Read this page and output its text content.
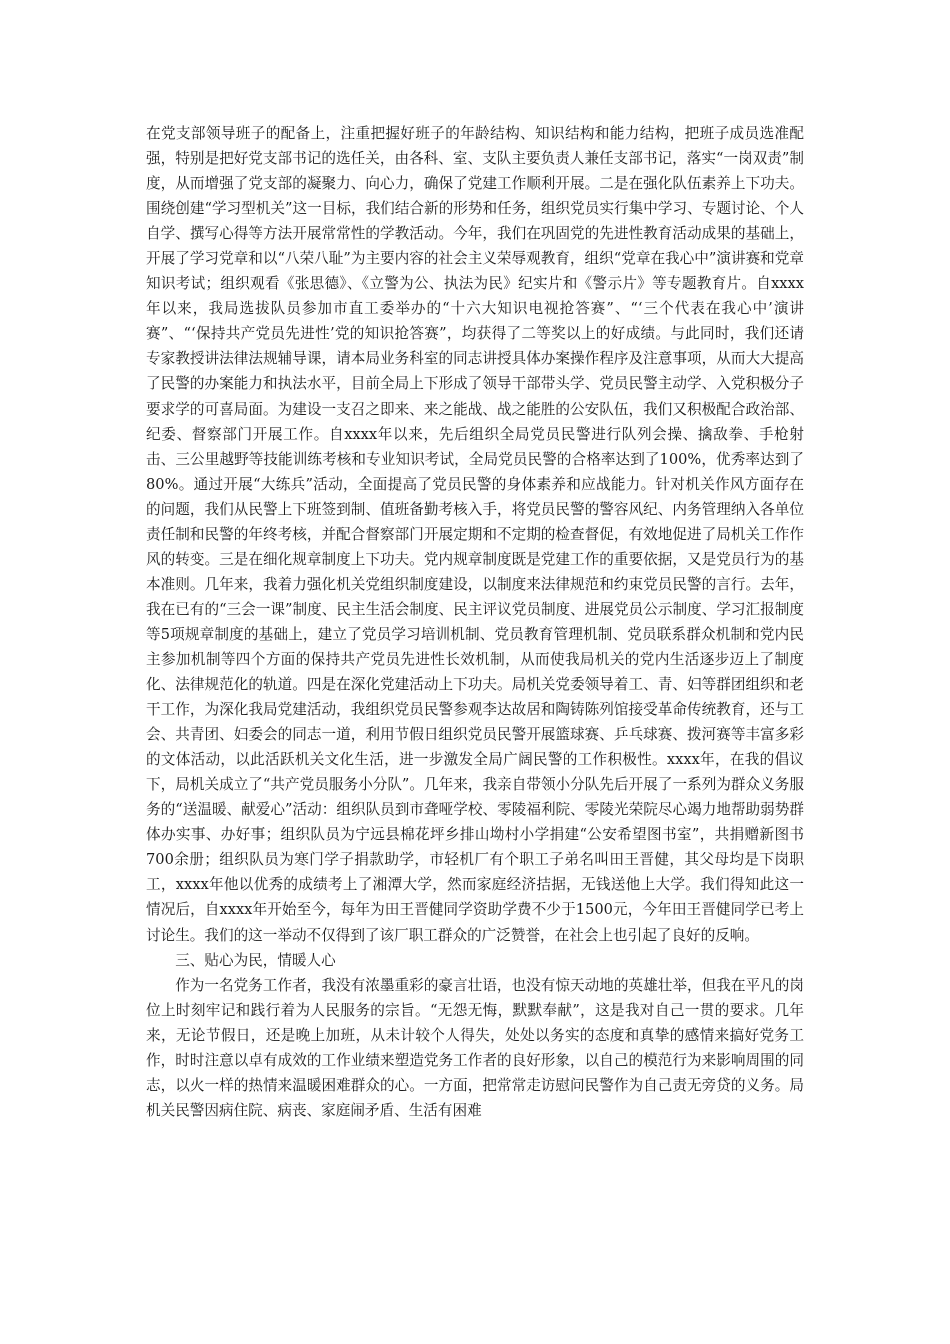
在党支部领导班子的配备上，注重把握好班子的年龄结构、知识结构和能力结构，把班子成员选准配强，特别是把好党支部书记的选任关，由各科、室、支队主要负责人兼任支部书记，落实“一岗双责”制度，从而增强了党支部的凝聚力、向心力，确保了党建工作顺利开展。二是在强化队伍素养上下功夫。围绕创建“学习型机关”这一目标，我们结合新的形势和任务，组织党员实行集中学习、专题讨论、个人自学、撰写心得等方法开展常常性的学教活动。今年，我们在巩固党的先进性教育活动成果的基础上，开展了学习党章和以“八荣八耻”为主要内容的社会主义荣辱观教育，组织“党章在我心中”演讲赛和党章知识考试；组织观看《张思德》、《立警为公、执法为民》纪实片和《警示片》等专题教育片。自xxxx年以来，我局选拔队员参加市直工委举办的“十六大知识电视抢答赛”、“‘三个代表在我心中’演讲赛”、“‘保持共产党员先进性’党的知识抢答赛”，均获得了二等奖以上的好成绩。与此同时，我们还请专家教授讲法律法规辅导课，请本局业务科室的同志讲授具体办案操作程序及注意事项，从而大大提高了民警的办案能力和执法水平，目前全局上下形成了领导干部带头学、党员民警主动学、入党积极分子要求学的可喜局面。为建设一支召之即来、来之能战、战之能胜的公安队伍，我们又积极配合政治部、纪委、督察部门开展工作。自xxxx年以来，先后组织全局党员民警进行队列会操、擒敌拳、手枪射击、三公里越野等技能训练考核和专业知识考试，全局党员民警的合格率达到了100%，优秀率达到了80%。通过开展“大练兵”活动，全面提高了党员民警的身体素养和应战能力。针对机关作风方面存在的问题，我们从民警上下班签到制、值班备勤考核入手，将党员民警的警容风纪、内务管理纳入各单位责任制和民警的年终考核，并配合督察部门开展定期和不定期的检查督促，有效地促进了局机关工作作风的转变。三是在细化规章制度上下功夫。党内规章制度既是党建工作的重要依据，又是党员行为的基本准则。几年来，我着力强化机关党组织制度建设，以制度来法律规范和约束党员民警的言行。去年，我在已有的“三会一课”制度、民主生活会制度、民主评议党员制度、进展党员公示制度、学习汇报制度等5项规章制度的基础上，建立了党员学习培训机制、党员教育管理机制、党员联系群众机制和党内民主参加机制等四个方面的保持共产党员先进性长效机制，从而使我局机关的党内生活逐步迈上了制度化、法律规范化的轨道。四是在深化党建活动上下功夫。局机关党委领导着工、青、妇等群团组织和老干工作，为深化我局党建活动，我组织党员民警参观李达故居和陶铸陈列馆接受革命传统教育，还与工会、共青团、妇委会的同志一道，利用节假日组织党员民警开展篮球赛、乒乓球赛、拨河赛等丰富多彩的文体活动，以此活跃机关文化生活，进一步激发全局广阔民警的工作积极性。xxxx年，在我的倡议下，局机关成立了“共产党员服务小分队”。几年来，我亲自带领小分队先后开展了一系列为群众义务服务的“送温暖、献爱心”活动：组织队员到市聋哑学校、零陵福利院、零陵光荣院尽心竭力地帮助弱势群体办实事、办好事；组织队员为宁远县棉花坪乡排山坳村小学捐建“公安希望图书室”，共捐赠新图书700余册；组织队员为寒门学子捐款助学，市轻机厂有个职工子弟名叫田王晋健，其父母均是下岗职工，xxxx年他以优秀的成绩考上了湘潭大学，然而家庭经济拮据，无钱送他上大学。我们得知此这一情况后，自xxxx年开始至今，每年为田王晋健同学资助学费不少于1500元，今年田王晋健同学已考上讨论生。我们的这一举动不仅得到了该厂职工群众的广泛赞誉，在社会上也引起了良好的反响。

三、贴心为民，情暖人心

作为一名党务工作者，我没有浓墨重彩的豪言壮语，也没有惊天动地的英雄壮举，但我在平凡的岗位上时刻牢记和践行着为人民服务的宗旨。“无怨无悔，默默奉献”，这是我对自己一贯的要求。几年来，无论节假日，还是晚上加班，从未计较个人得失，处处以务实的态度和真挚的感情来搞好党务工作，时时注意以卓有成效的工作业绩来塑造党务工作者的良好形象，以自己的模范行为来影响周围的同志，以火一样的热情来温暖困难群众的心。一方面，把常常走访慰问民警作为自己责无旁贷的义务。局机关民警因病住院、病丧、家庭闹矛盾、生活有困难
